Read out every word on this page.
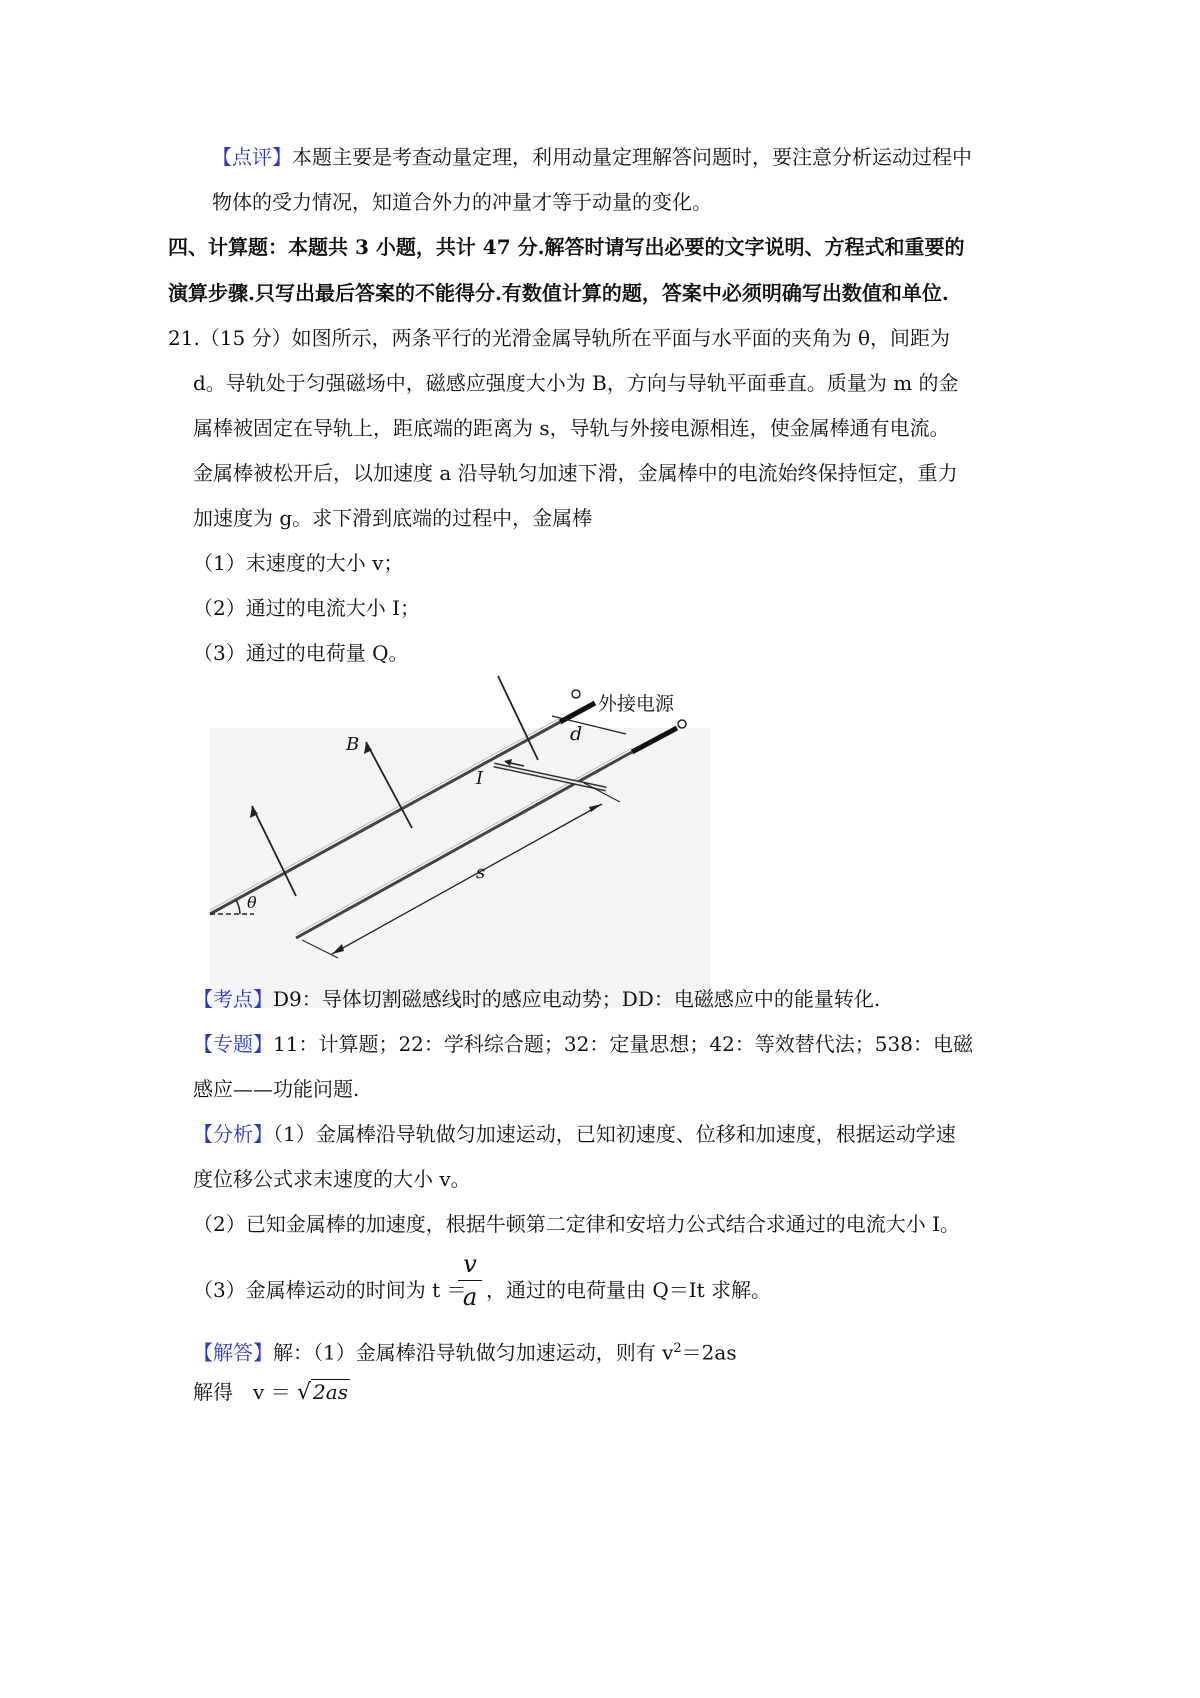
【点评】本题主要是考查动量定理，利用动量定理解答问题时，要注意分析运动过程中
物体的受力情况，知道合外力的冲量才等于动量的变化。
四、计算题：本题共 3 小题，共计 47 分.解答时请写出必要的文字说明、方程式和重要的
演算步骤.只写出最后答案的不能得分.有数值计算的题，答案中必须明确写出数值和单位.
21.（15 分）如图所示，两条平行的光滑金属导轨所在平面与水平面的夹角为 θ，间距为
d。导轨处于匀强磁场中，磁感应强度大小为 B，方向与导轨平面垂直。质量为 m 的金
属棒被固定在导轨上，距底端的距离为 s，导轨与外接电源相连，使金属棒通有电流。
金属棒被松开后，以加速度 a 沿导轨匀加速下滑，金属棒中的电流始终保持恒定，重力
加速度为 g。求下滑到底端的过程中，金属棒
（1）末速度的大小 v；
（2）通过的电流大小 I；
（3）通过的电荷量 Q。
外接电源
d
B
I
s
θ
【考点】D9：导体切割磁感线时的感应电动势；DD：电磁感应中的能量转化.
【专题】11：计算题；22：学科综合题；32：定量思想；42：等效替代法；538：电磁
感应——功能问题.
【分析】（1）金属棒沿导轨做匀加速运动，已知初速度、位移和加速度，根据运动学速
度位移公式求末速度的大小 v。
（2）已知金属棒的加速度，根据牛顿第二定律和安培力公式结合求通过的电流大小 I。
（3）金属棒运动的时间为 t ＝
v
a ，通过的电荷量由 Q＝It 求解。
【解答】解：（1）金属棒沿导轨做匀加速运动，则有 $v^2=2as$
解得　v ＝ √ 2as
